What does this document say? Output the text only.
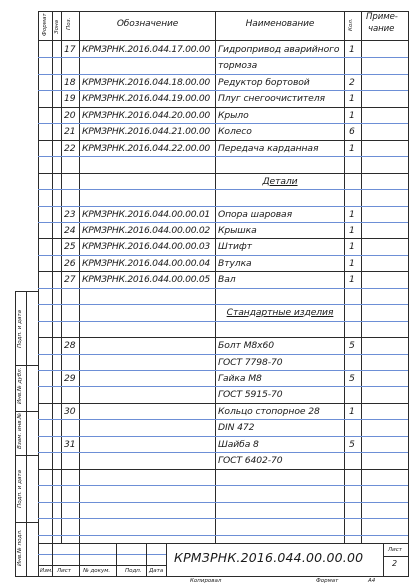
Формат Зона Поз.	Обозначение	Наименование	Кол.
Приме-
чание
17 КРМЗРНК.2016.044.17.00.00 Гидропривод аварийного 1
тормоза
18 КРМЗРНК.2016.044.18.00.00 Редуктор бортовой	2
19 КРМЗРНК.2016.044.19.00.00 Плуг снегоочистителя	1
20 КРМЗРНК.2016.044.20.00.00 Крыло	1
21 КРМЗРНК.2016.044.21.00.00 Колесо	6
22 КРМЗРНК.2016.044.22.00.00 Передача карданная	1
Детали
23 КРМЗРНК.2016.044.00.00.01 Опора шаровая	1
24 КРМЗРНК.2016.044.00.00.02 Крышка	1
25 КРМЗРНК.2016.044.00.00.03 Штифт	1
26 КРМЗРНК.2016.044.00.00.04 Втулка	1
27 КРМЗРНК.2016.044.00.00.05 Вал	1
Стандартные изделия
28	Болт М8х60	5
ГОСТ 7798-70
29	Гайка М8	5
ГОСТ 5915-70
30	Кольцо стопорное 28	1
DIN 472
31	Шайба 8	5
ГОСТ 6402-70
Изм. Лист № докум.	Подп. Дата
КРМЗРНК.2016.044.00.00.00	Лист
2
Копировал	Формат	А4
Подп. и дата
Инв.№ дубл.
Взам. инв.№
Подп. и дата
Инв.№ подл.
